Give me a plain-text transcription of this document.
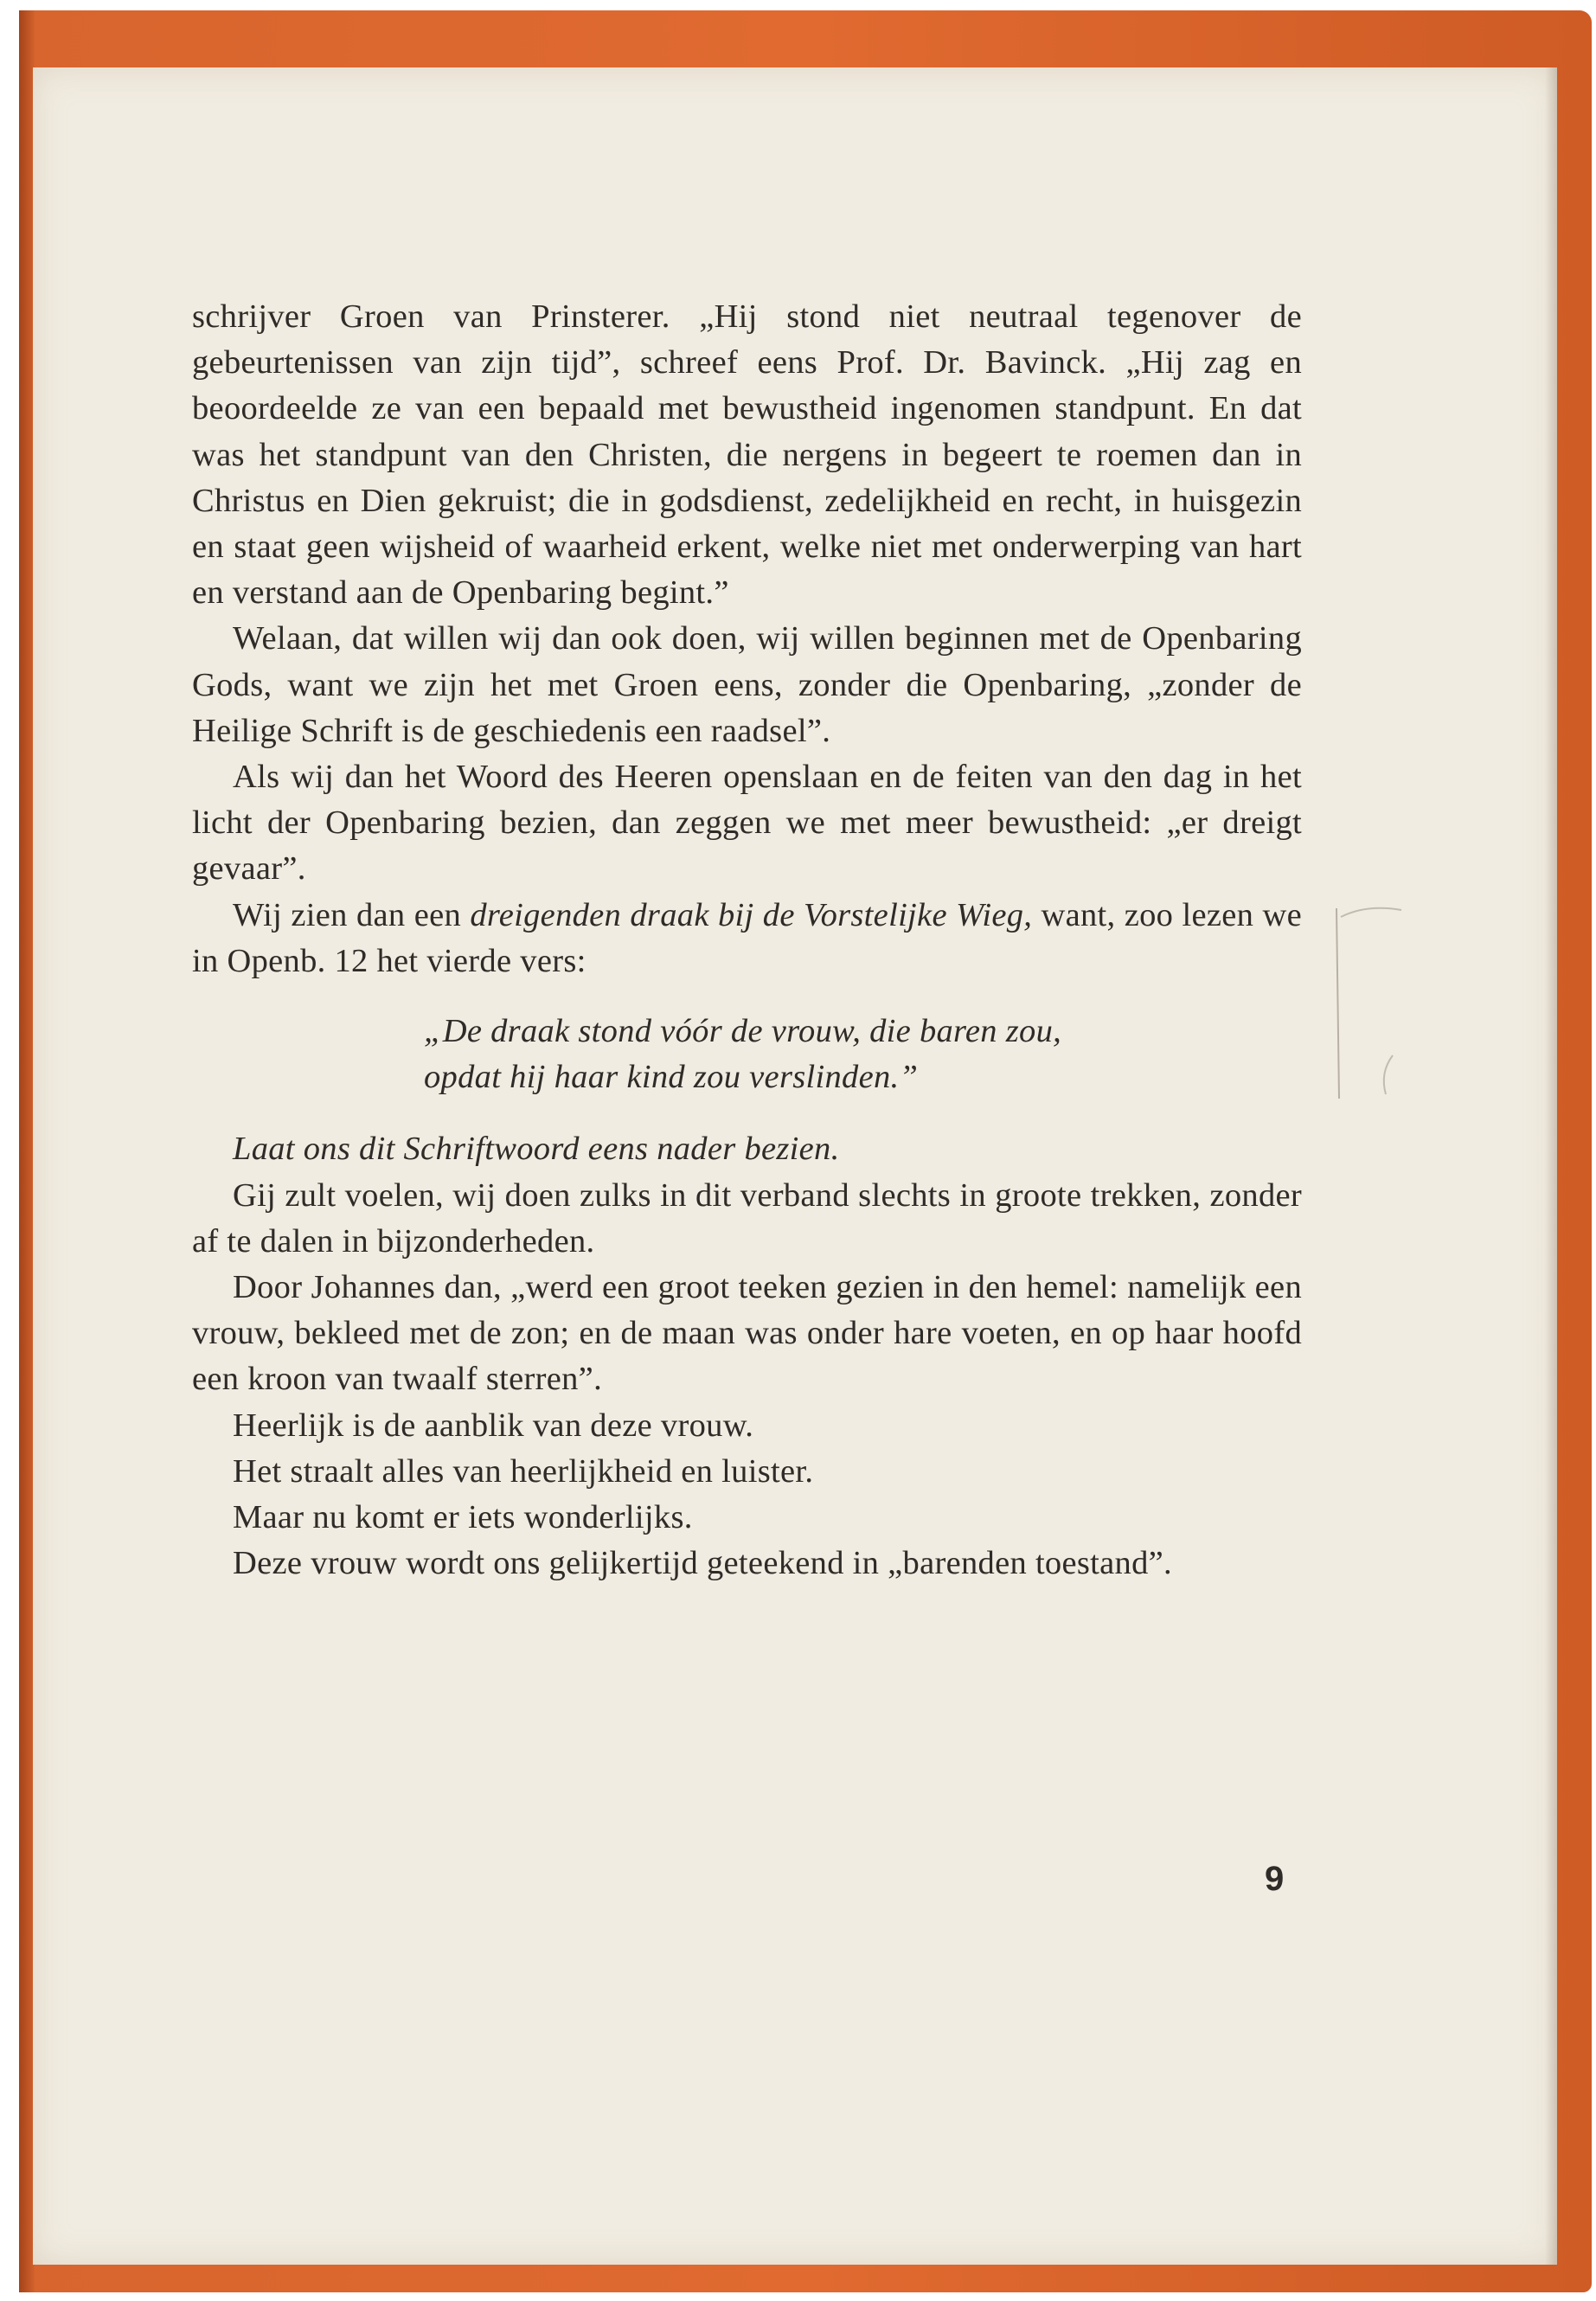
schrijver Groen van Prinsterer. „Hij stond niet neutraal tegenover de gebeurtenissen van zijn tijd”, schreef eens Prof. Dr. Bavinck. „Hij zag en beoordeelde ze van een bepaald met bewustheid ingenomen standpunt. En dat was het standpunt van den Christen, die nergens in begeert te roemen dan in Christus en Dien gekruist; die in godsdienst, zedelijkheid en recht, in huisgezin en staat geen wijsheid of waarheid erkent, welke niet met onderwerping van hart en verstand aan de Openbaring begint.”

Welaan, dat willen wij dan ook doen, wij willen beginnen met de Openbaring Gods, want we zijn het met Groen eens, zonder die Openbaring, „zonder de Heilige Schrift is de geschiedenis een raadsel”.

Als wij dan het Woord des Heeren openslaan en de feiten van den dag in het licht der Openbaring bezien, dan zeggen we met meer bewustheid: „er dreigt gevaar”.

Wij zien dan een dreigenden draak bij de Vorstelijke Wieg, want, zoo lezen we in Openb. 12 het vierde vers:

„De draak stond vóór de vrouw, die baren zou,
opdat hij haar kind zou verslinden.”

Laat ons dit Schriftwoord eens nader bezien.

Gij zult voelen, wij doen zulks in dit verband slechts in groote trekken, zonder af te dalen in bijzonderheden.

Door Johannes dan, „werd een groot teeken gezien in den hemel: namelijk een vrouw, bekleed met de zon; en de maan was onder hare voeten, en op haar hoofd een kroon van twaalf sterren”.

Heerlijk is de aanblik van deze vrouw.

Het straalt alles van heerlijkheid en luister.

Maar nu komt er iets wonderlijks.

Deze vrouw wordt ons gelijkertijd geteekend in „barenden toestand”.

9
